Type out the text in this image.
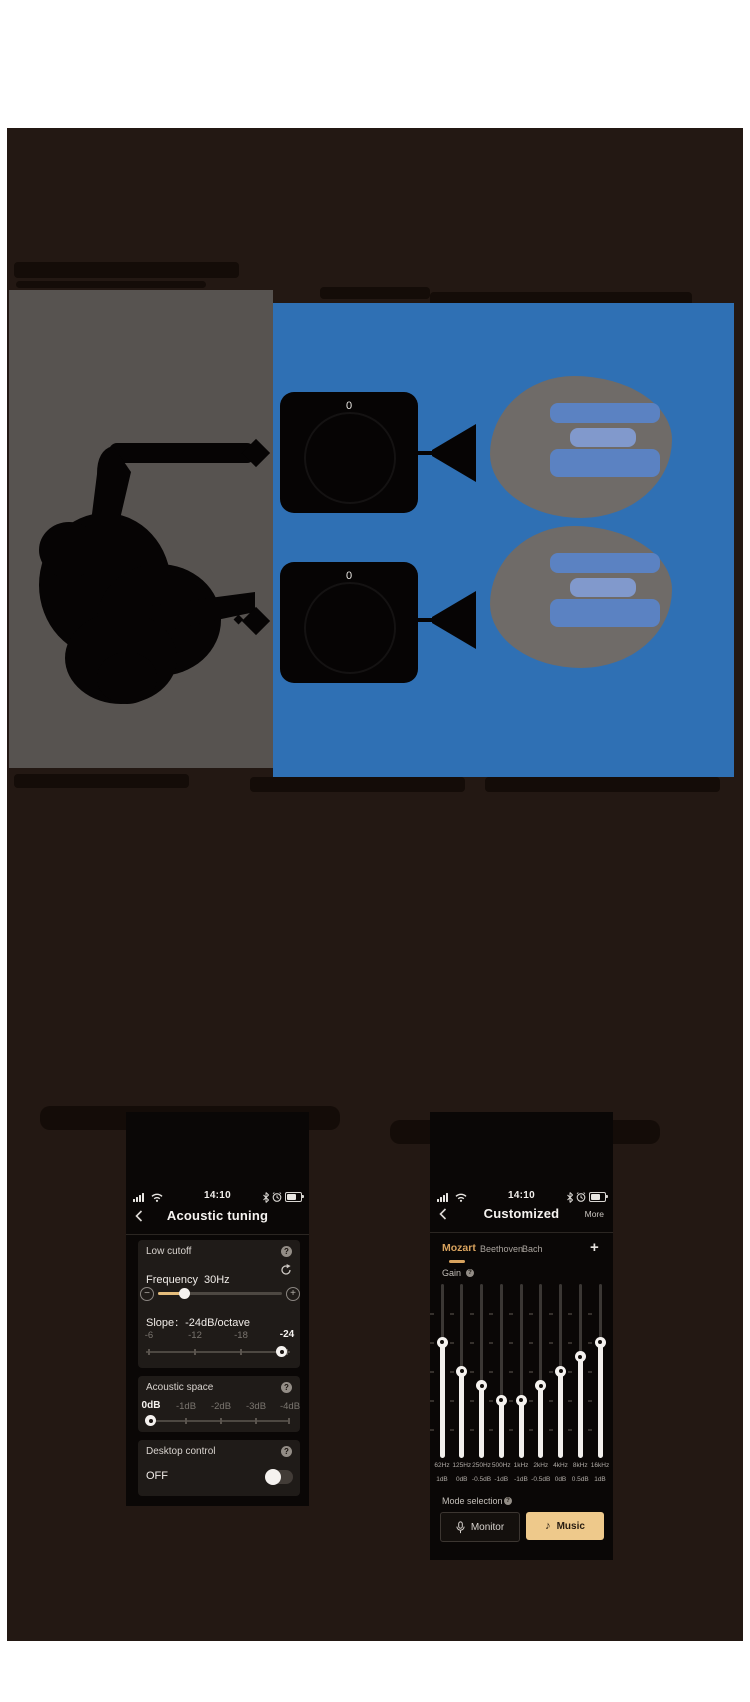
0
0
14:10
Acoustic tuning
Low cutoff	?
Frequency 30Hz
−	+
Slope：-24dB/octave
-6	-12	-18	-24
Acoustic space	?
0dB -1dB -2dB -3dB -4dB
Desktop control	?
OFF
14:10
Customized	More
Mozart Beethoven
Bach	+
Gain	?
62Hz
1dB
125Hz
0dB
250Hz
-0.5dB
500Hz
-1dB
1kHz
-1dB
2kHz
-0.5dB
4kHz
0dB
8kHz
0.5dB
16kHz
1dB
Mode selection ?
Monitor	♪ Music
